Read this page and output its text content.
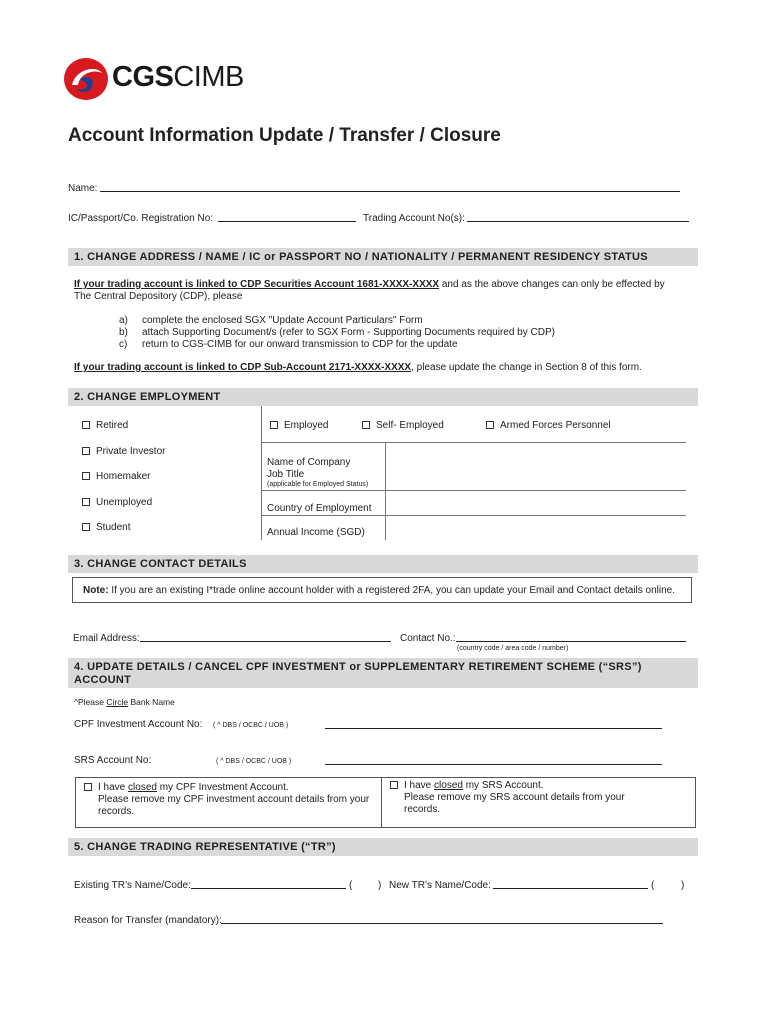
CGSCIMB
Account Information Update / Transfer / Closure
Name:
IC/Passport/Co. Registration No:	Trading Account No(s):
1. CHANGE ADDRESS / NAME / IC or PASSPORT NO / NATIONALITY / PERMANENT RESIDENCY STATUS
If your trading account is linked to CDP Securities Account 1681-XXXX-XXXX and as the above changes can only be effected by
The Central Depository (CDP), please
a) complete the enclosed SGX "Update Account Particulars" Form
b) attach Supporting Document/s (refer to SGX Form - Supporting Documents required by CDP)
c) return to CGS-CIMB for our onward transmission to CDP for the update
If your trading account is linked to CDP Sub-Account 2171-XXXX-XXXX, please update the change in Section 8 of this form.
2. CHANGE EMPLOYMENT
Retired
Private Investor
Homemaker
Unemployed
Student
Employed	Self- Employed	Armed Forces Personnel
Name of Company
Job Title
(applicable for Employed Status)
Country of Employment
Annual Income (SGD)
3. CHANGE CONTACT DETAILS
Note: If you are an existing I*trade online account holder with a registered 2FA, you can update your Email and Contact details online.
Email Address:	Contact No.:
(country code / area code / number)
4. UPDATE DETAILS / CANCEL CPF INVESTMENT or SUPPLEMENTARY RETIREMENT SCHEME (“SRS”)
ACCOUNT
^Please Circle Bank Name
CPF Investment Account No: ( ^ DBS / OCBC / UOB )
SRS Account No:	( ^ DBS / OCBC / UOB )
I have closed my CPF Investment Account.
Please remove my CPF investment account details from your
records.
I have closed my SRS Account.
Please remove my SRS account details from your
records.
5. CHANGE TRADING REPRESENTATIVE (“TR”)
Existing TR’s Name/Code:	(	) New TR’s Name/Code:	(	)
Reason for Transfer (mandatory):
